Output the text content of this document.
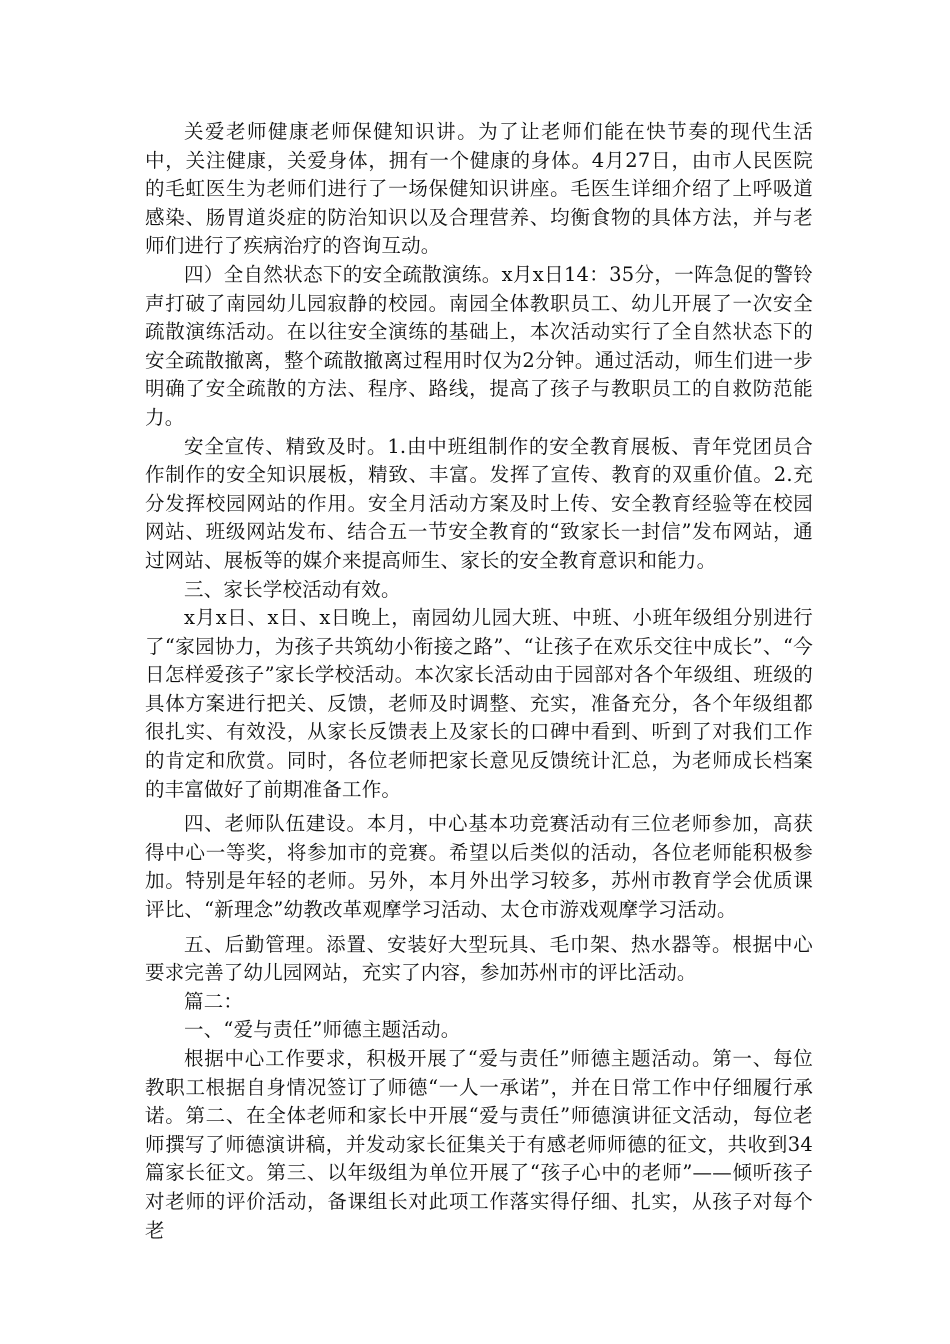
关爱老师健康老师保健知识讲。为了让老师们能在快节奏的现代生活中，关注健康，关爱身体，拥有一个健康的身体。4月27日，由市人民医院的毛虹医生为老师们进行了一场保健知识讲座。毛医生详细介绍了上呼吸道感染、肠胃道炎症的防治知识以及合理营养、均衡食物的具体方法，并与老师们进行了疾病治疗的咨询互动。

四）全自然状态下的安全疏散演练。x月x日14：35分，一阵急促的警铃声打破了南园幼儿园寂静的校园。南园全体教职员工、幼儿开展了一次安全疏散演练活动。在以往安全演练的基础上，本次活动实行了全自然状态下的安全疏散撤离，整个疏散撤离过程用时仅为2分钟。通过活动，师生们进一步明确了安全疏散的方法、程序、路线，提高了孩子与教职员工的自救防范能力。

安全宣传、精致及时。1.由中班组制作的安全教育展板、青年党团员合作制作的安全知识展板，精致、丰富。发挥了宣传、教育的双重价值。2.充分发挥校园网站的作用。安全月活动方案及时上传、安全教育经验等在校园网站、班级网站发布、结合五一节安全教育的“致家长一封信”发布网站，通过网站、展板等的媒介来提高师生、家长的安全教育意识和能力。

三、家长学校活动有效。

x月x日、x日、x日晚上，南园幼儿园大班、中班、小班年级组分别进行了“家园协力，为孩子共筑幼小衔接之路”、“让孩子在欢乐交往中成长”、“今日怎样爱孩子”家长学校活动。本次家长活动由于园部对各个年级组、班级的具体方案进行把关、反馈，老师及时调整、充实，准备充分，各个年级组都很扎实、有效没，从家长反馈表上及家长的口碑中看到、听到了对我们工作的肯定和欣赏。同时，各位老师把家长意见反馈统计汇总，为老师成长档案的丰富做好了前期准备工作。

四、老师队伍建设。本月，中心基本功竞赛活动有三位老师参加，高获得中心一等奖，将参加市的竞赛。希望以后类似的活动，各位老师能积极参加。特别是年轻的老师。另外，本月外出学习较多，苏州市教育学会优质课评比、“新理念”幼教改革观摩学习活动、太仓市游戏观摩学习活动。

五、后勤管理。添置、安装好大型玩具、毛巾架、热水器等。根据中心要求完善了幼儿园网站，充实了内容，参加苏州市的评比活动。

篇二：

一、“爱与责任”师德主题活动。

根据中心工作要求，积极开展了“爱与责任”师德主题活动。第一、每位教职工根据自身情况签订了师德“一人一承诺”，并在日常工作中仔细履行承诺。第二、在全体老师和家长中开展“爱与责任”师德演讲征文活动，每位老师撰写了师德演讲稿，并发动家长征集关于有感老师师德的征文，共收到34篇家长征文。第三、以年级组为单位开展了“孩子心中的老师”——倾听孩子对老师的评价活动，备课组长对此项工作落实得仔细、扎实，从孩子对每个老
